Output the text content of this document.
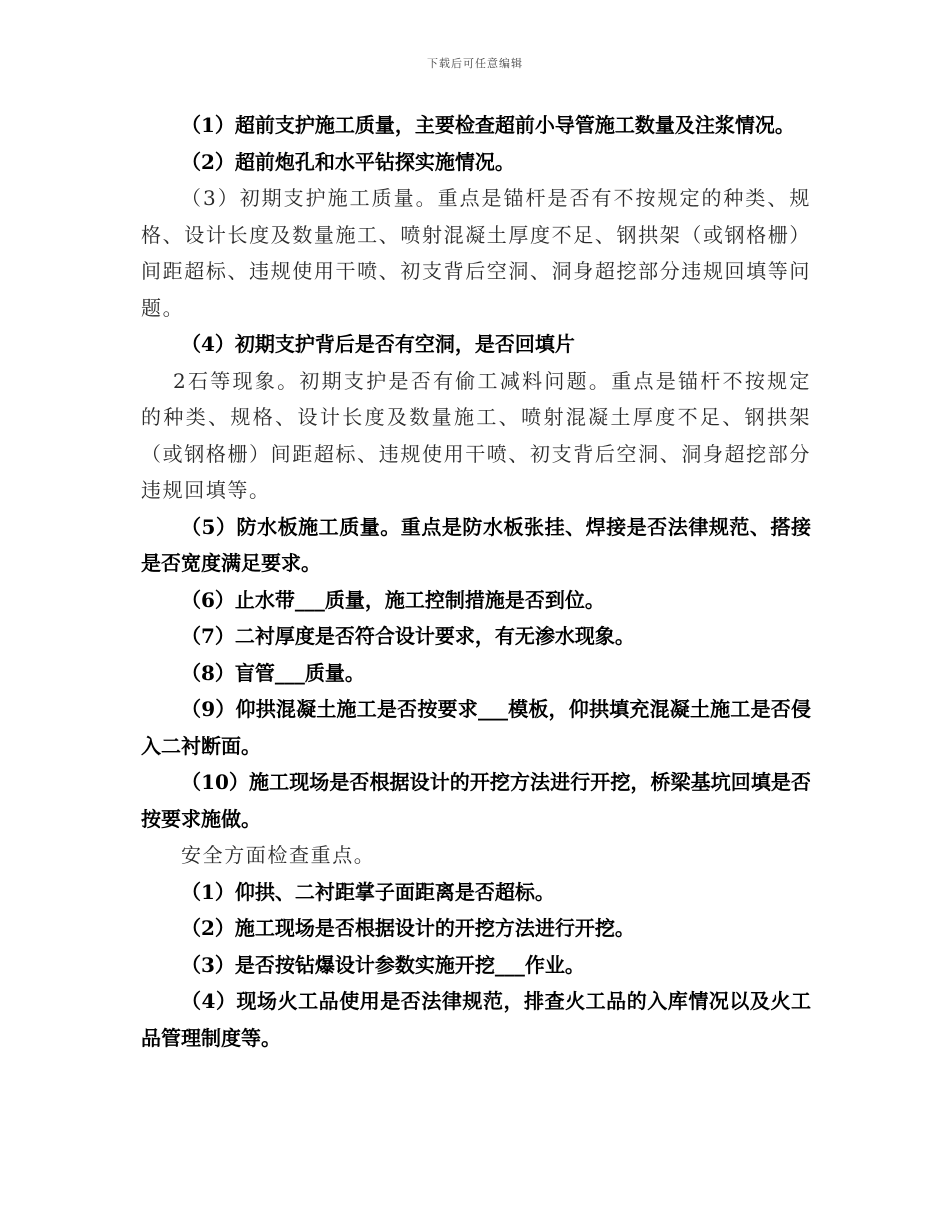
下载后可任意编辑

（1）超前支护施工质量，主要检查超前小导管施工数量及注浆情况。

（2）超前炮孔和水平钻探实施情况。

（3）初期支护施工质量。重点是锚杆是否有不按规定的种类、规格、设计长度及数量施工、喷射混凝土厚度不足、钢拱架（或钢格栅）间距超标、违规使用干喷、初支背后空洞、洞身超挖部分违规回填等问题。

（4）初期支护背后是否有空洞，是否回填片

2石等现象。初期支护是否有偷工减料问题。重点是锚杆不按规定的种类、规格、设计长度及数量施工、喷射混凝土厚度不足、钢拱架（或钢格栅）间距超标、违规使用干喷、初支背后空洞、洞身超挖部分违规回填等。

（5）防水板施工质量。重点是防水板张挂、焊接是否法律规范、搭接是否宽度满足要求。

（6）止水带___质量，施工控制措施是否到位。

（7）二衬厚度是否符合设计要求，有无渗水现象。

（8）盲管___质量。

（9）仰拱混凝土施工是否按要求___模板，仰拱填充混凝土施工是否侵入二衬断面。

（10）施工现场是否根据设计的开挖方法进行开挖，桥梁基坑回填是否按要求施做。

安全方面检查重点。

（1）仰拱、二衬距掌子面距离是否超标。

（2）施工现场是否根据设计的开挖方法进行开挖。

（3）是否按钻爆设计参数实施开挖___作业。

（4）现场火工品使用是否法律规范，排查火工品的入库情况以及火工品管理制度等。
